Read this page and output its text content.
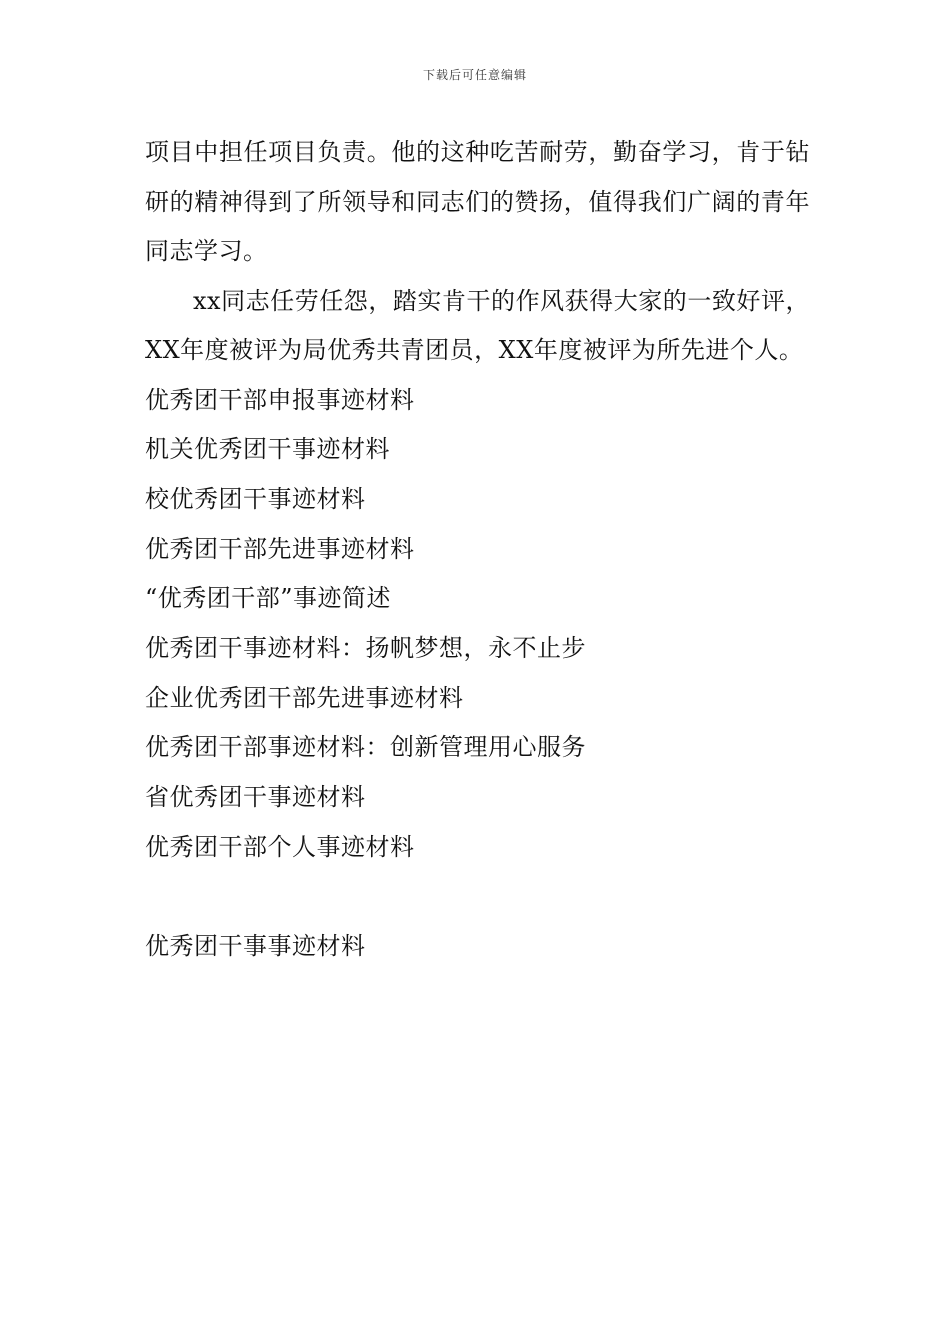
下载后可任意编辑

项目中担任项目负责。他的这种吃苦耐劳，勤奋学习，肯于钻研的精神得到了所领导和同志们的赞扬，值得我们广阔的青年同志学习。

xx同志任劳任怨，踏实肯干的作风获得大家的一致好评，XX年度被评为局优秀共青团员，XX年度被评为所先进个人。

优秀团干部申报事迹材料
机关优秀团干事迹材料
校优秀团干事迹材料
优秀团干部先进事迹材料
“优秀团干部”事迹简述
优秀团干事迹材料：扬帆梦想，永不止步
企业优秀团干部先进事迹材料
优秀团干部事迹材料：创新管理用心服务
省优秀团干事迹材料
优秀团干部个人事迹材料
优秀团干事事迹材料
